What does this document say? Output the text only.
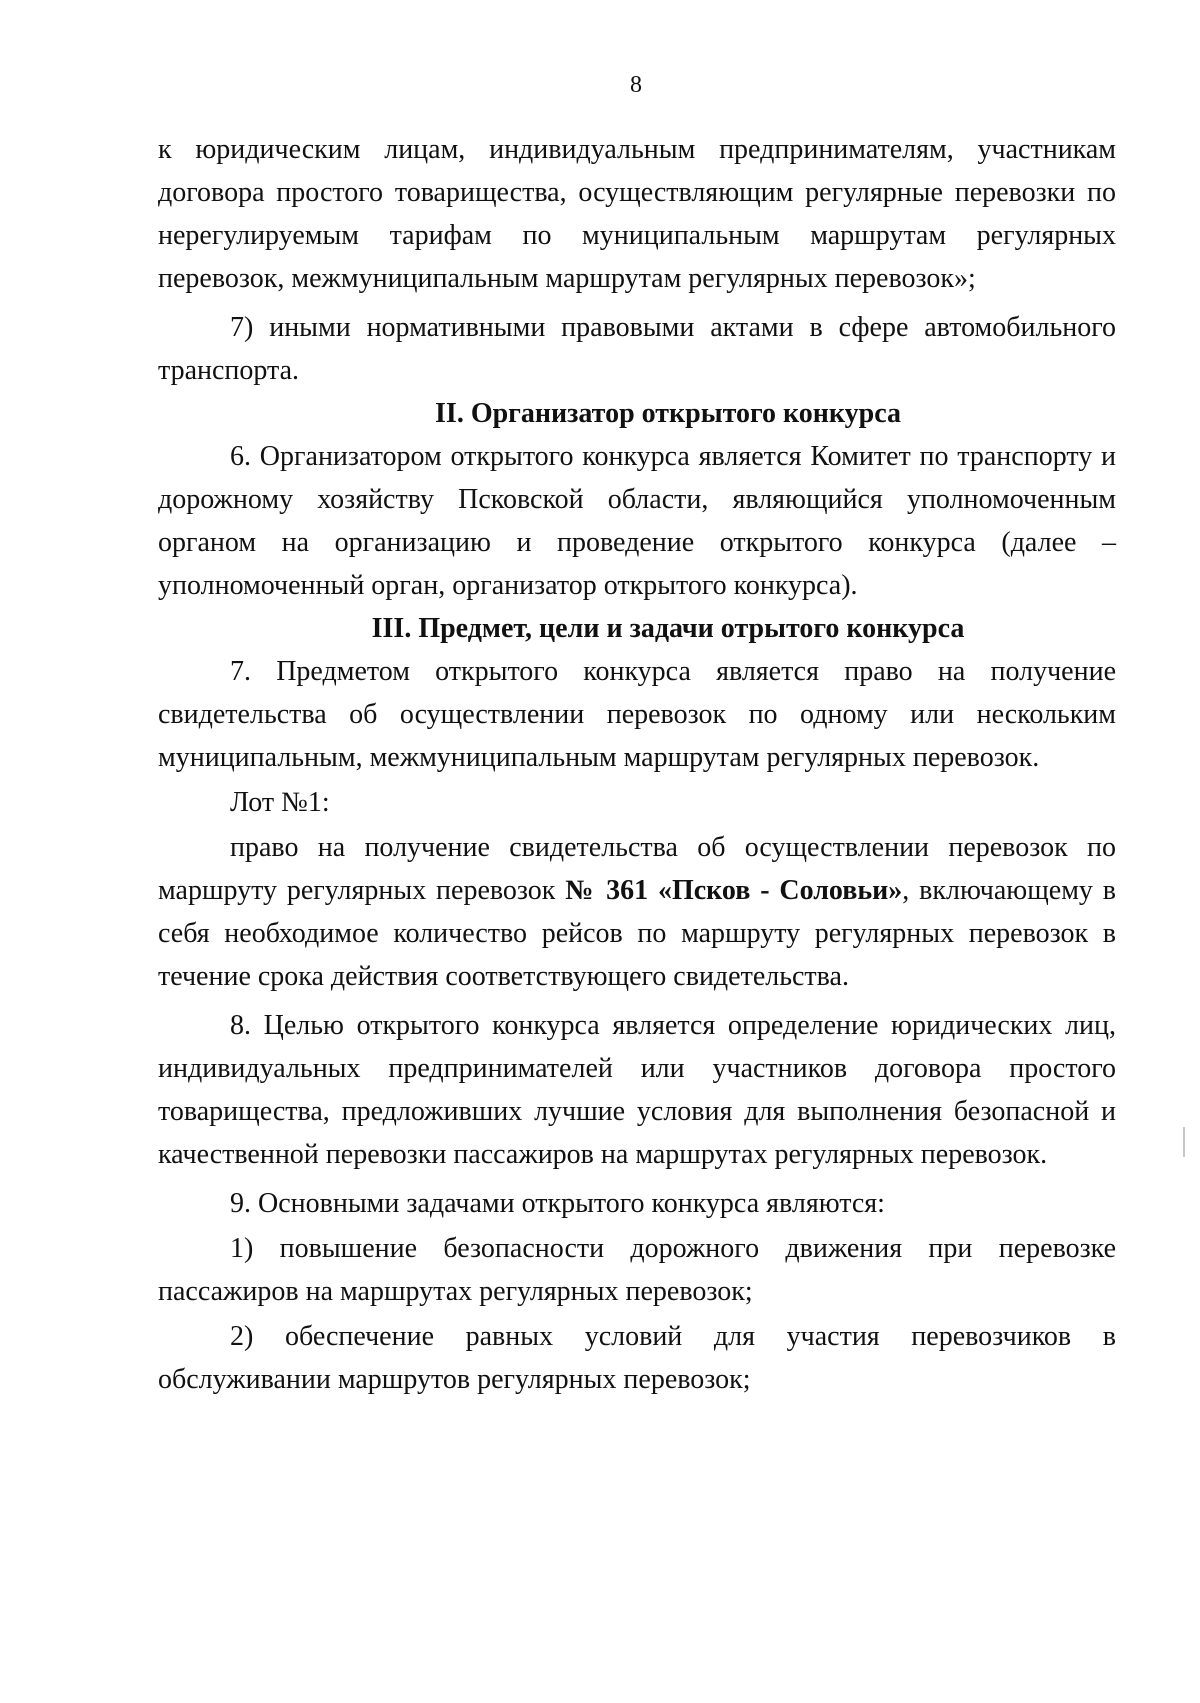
8

к юридическим лицам, индивидуальным предпринимателям, участникам договора простого товарищества, осуществляющим регулярные перевозки по нерегулируемым тарифам по муниципальным маршрутам регулярных перевозок, межмуниципальным маршрутам регулярных перевозок»;

7) иными нормативными правовыми актами в сфере автомобильного транспорта.

II. Организатор открытого конкурса

6. Организатором открытого конкурса является Комитет по транспорту и дорожному хозяйству Псковской области, являющийся уполномоченным органом на организацию и проведение открытого конкурса (далее – уполномоченный орган, организатор открытого конкурса).

III. Предмет, цели и задачи отрытого конкурса

7. Предметом открытого конкурса является право на получение свидетельства об осуществлении перевозок по одному или нескольким муниципальным, межмуниципальным маршрутам регулярных перевозок.

Лот №1:

право на получение свидетельства об осуществлении перевозок по маршруту регулярных перевозок № 361 «Псков - Соловьи», включающему в себя необходимое количество рейсов по маршруту регулярных перевозок в течение срока действия соответствующего свидетельства.

8. Целью открытого конкурса является определение юридических лиц, индивидуальных предпринимателей или участников договора простого товарищества, предложивших лучшие условия для выполнения безопасной и качественной перевозки пассажиров на маршрутах регулярных перевозок.

9. Основными задачами открытого конкурса являются:

1) повышение безопасности дорожного движения при перевозке пассажиров на маршрутах регулярных перевозок;

2) обеспечение равных условий для участия перевозчиков в обслуживании маршрутов регулярных перевозок;
